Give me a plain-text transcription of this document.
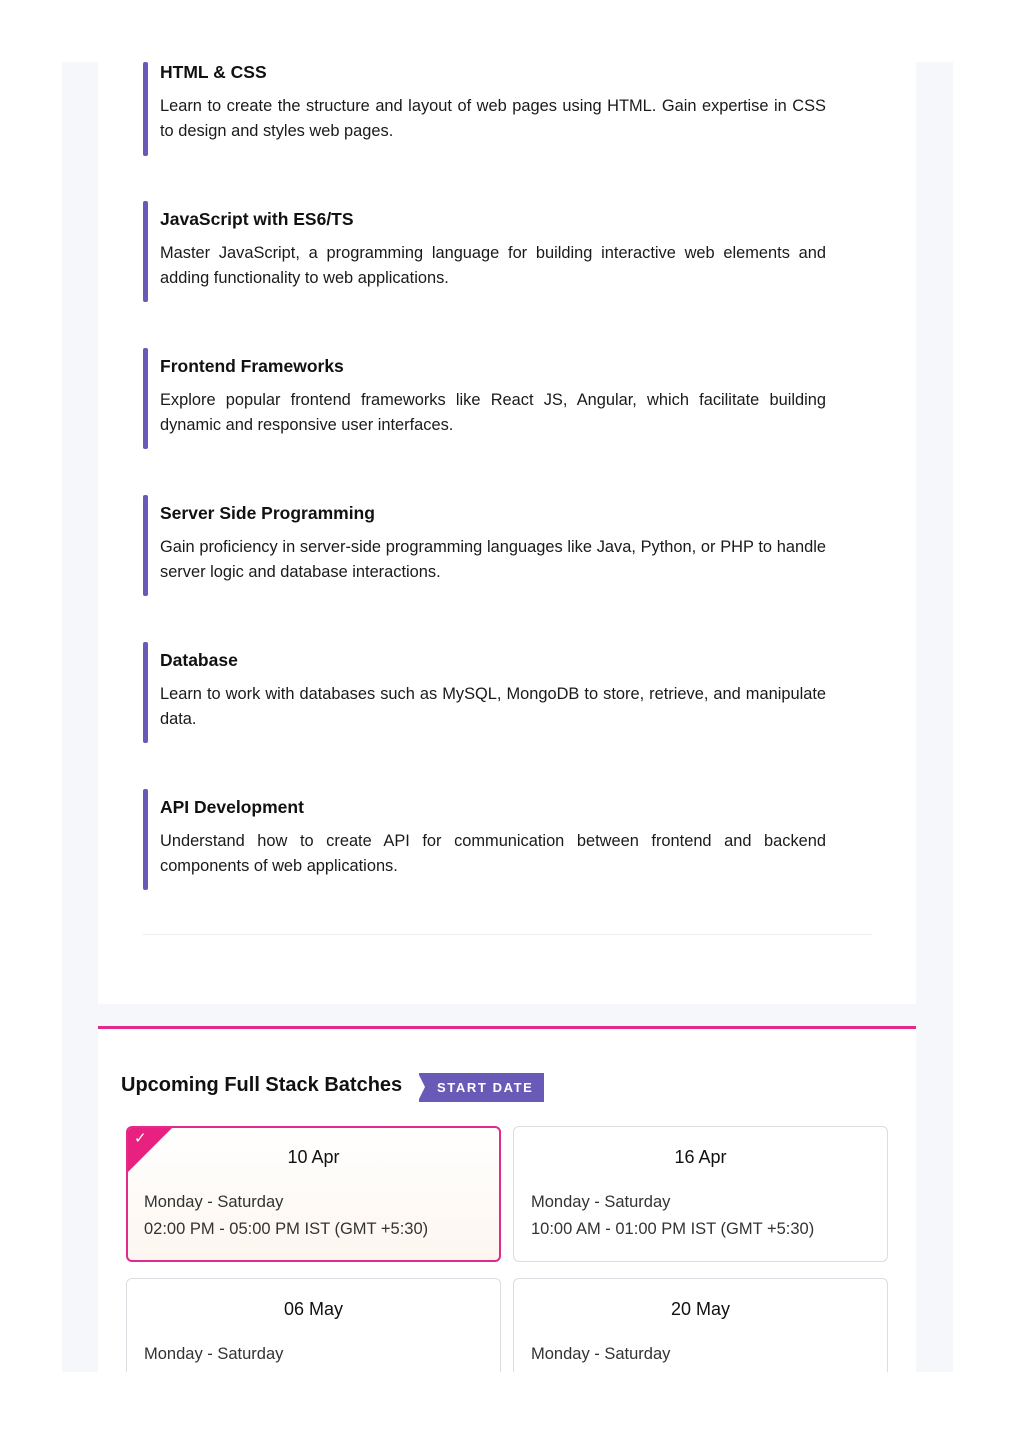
HTML & CSS

Learn to create the structure and layout of web pages using HTML. Gain expertise in CSS to design and styles web pages.

JavaScript with ES6/TS

Master JavaScript, a programming language for building interactive web elements and adding functionality to web applications.

Frontend Frameworks

Explore popular frontend frameworks like React JS, Angular, which facilitate building dynamic and responsive user interfaces.

Server Side Programming

Gain proficiency in server-side programming languages like Java, Python, or PHP to handle server logic and database interactions.

Database

Learn to work with databases such as MySQL, MongoDB to store, retrieve, and manipulate data.

API Development

Understand how to create API for communication between frontend and backend components of web applications.

Upcoming Full Stack Batches	START DATE
✓
10 Apr
Monday - Saturday
02:00 PM - 05:00 PM IST (GMT +5:30)
16 Apr
Monday - Saturday
10:00 AM - 01:00 PM IST (GMT +5:30)
06 May
Monday - Saturday
20 May
Monday - Saturday
